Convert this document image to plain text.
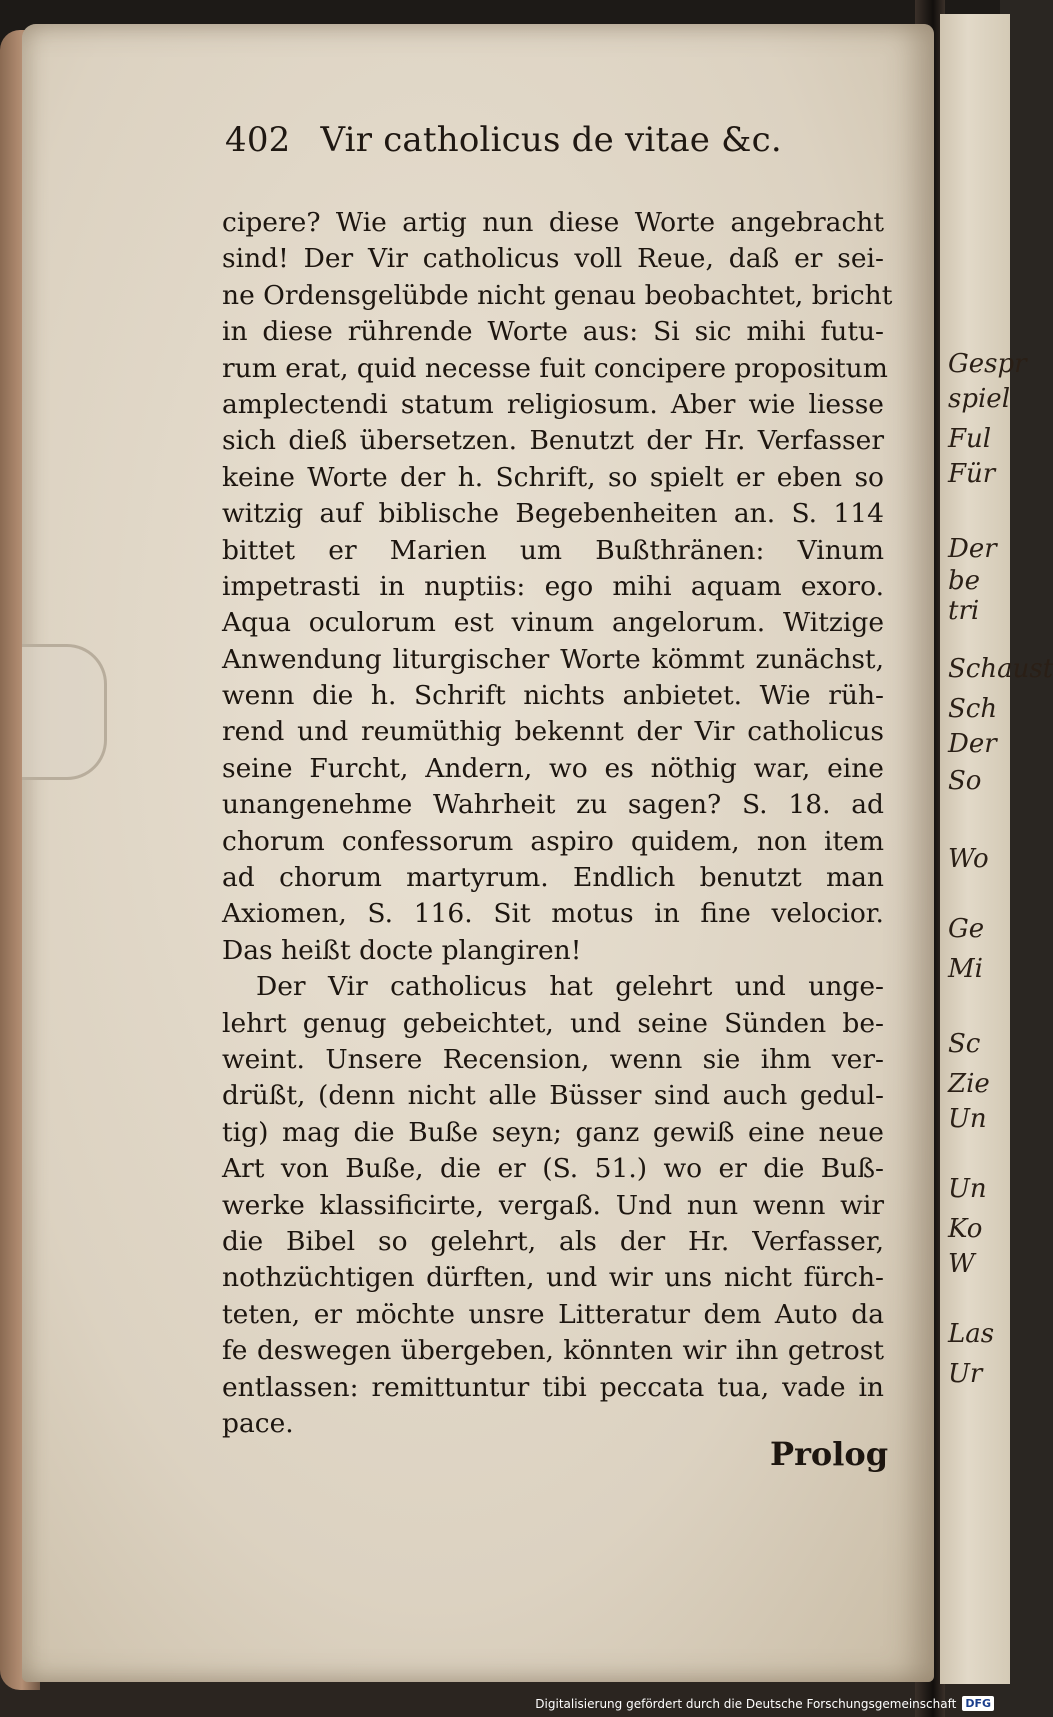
Gespr
spiel
Ful
Für
Der
be
tri
Schaust
Sch
Der
So
Wo
Ge
Mi
Sc
Zie
Un
Un
Ko
W
Las
Ur
402 Vir catholicus de vitae &c.
cipere? Wie artig nun diese Worte angebracht
sind! Der Vir catholicus voll Reue, daß er sei-
ne Ordensgelübde nicht genau beobachtet, bricht
in diese rührende Worte aus: Si sic mihi futu-
rum erat, quid necesse fuit concipere propositum
amplectendi statum religiosum. Aber wie liesse
sich dieß übersetzen. Benutzt der Hr. Verfasser
keine Worte der h. Schrift, so spielt er eben so
witzig auf biblische Begebenheiten an. S. 114
bittet er Marien um Bußthränen: Vinum
impetrasti in nuptiis: ego mihi aquam exoro.
Aqua oculorum est vinum angelorum. Witzige
Anwendung liturgischer Worte kömmt zunächst,
wenn die h. Schrift nichts anbietet. Wie rüh-
rend und reumüthig bekennt der Vir catholicus
seine Furcht, Andern, wo es nöthig war, eine
unangenehme Wahrheit zu sagen? S. 18. ad
chorum confessorum aspiro quidem, non item
ad chorum martyrum. Endlich benutzt man
Axiomen, S. 116. Sit motus in fine velocior.
Das heißt docte plangiren!
Der Vir catholicus hat gelehrt und unge-
lehrt genug gebeichtet, und seine Sünden be-
weint. Unsere Recension, wenn sie ihm ver-
drüßt, (denn nicht alle Büsser sind auch gedul-
tig) mag die Buße seyn; ganz gewiß eine neue
Art von Buße, die er (S. 51.) wo er die Buß-
werke klassificirte, vergaß. Und nun wenn wir
die Bibel so gelehrt, als der Hr. Verfasser,
nothzüchtigen dürften, und wir uns nicht fürch-
teten, er möchte unsre Litteratur dem Auto da
fe deswegen übergeben, könnten wir ihn getrost
entlassen: remittuntur tibi peccata tua, vade in
pace.
Prolog
Digitalisierung gefördert durch die Deutsche Forschungsgemeinschaft DFG
